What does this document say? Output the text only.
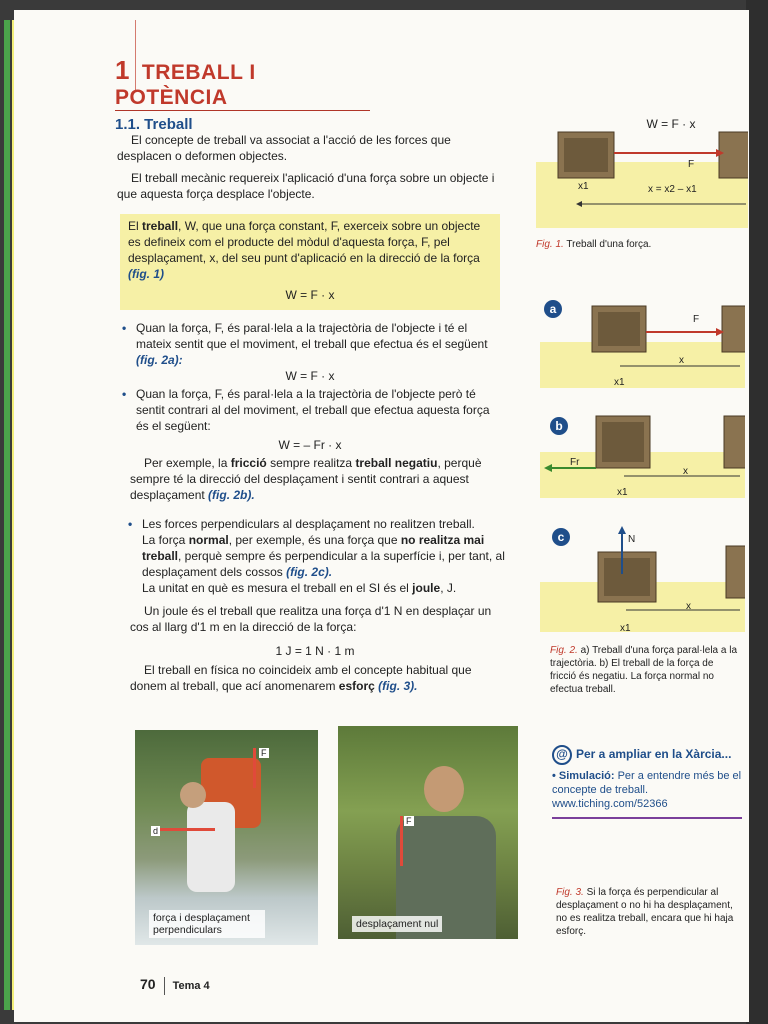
1 TREBALL I POTÈNCIA
1.1. Treball
El concepte de treball va associat a l'acció de les forces que desplacen o deformen objectes.
El treball mecànic requereix l'aplicació d'una força sobre un objecte i que aquesta força desplace l'objecte.
El treball, W, que una força constant, F, exerceix sobre un objecte es defineix com el producte del mòdul d'aquesta força, F, pel desplaçament, x, del seu punt d'aplicació en la direcció de la força (fig. 1)
W = F · x
• Quan la força, F, és paral·lela a la trajectòria de l'objecte i té el mateix sentit que el moviment, el treball que efectua és el següent (fig. 2a):
W = F · x
• Quan la força, F, és paral·lela a la trajectòria de l'objecte però té sentit contrari al del moviment, el treball que efectua aquesta força és el següent:
W = – Fr · x
Per exemple, la fricció sempre realitza treball negatiu, perquè sempre té la direcció del desplaçament i sentit contrari a aquest desplaçament (fig. 2b).
• Les forces perpendiculars al desplaçament no realitzen treball.
La força normal, per exemple, és una força que no realitza mai treball, perquè sempre és perpendicular a la superfície i, per tant, al desplaçament dels cossos (fig. 2c).
La unitat en què es mesura el treball en el SI és el joule, J.
Un joule és el treball que realitza una força d'1 N en desplaçar un cos al llarg d'1 m en la direcció de la força:
1 J = 1 N · 1 m
El treball en física no coincideix amb el concepte habitual que donem al treball, que ací anomenarem esforç (fig. 3).
W = F · x
F
x1	x = x2 – x1
Fig. 1. Treball d'una força.
a
F
x
x1
b
Fr
x
x1
c	N
x
x1
Fig. 2. a) Treball d'una força paral·lela a la trajectòria. b) El treball de la força de fricció és negatiu. La força normal no efectua treball.
@ Per a ampliar en la Xàrcia...
• Simulació: Per a entendre més be el concepte de treball. www.tiching.com/52366
Fig. 3. Si la força és perpendicular al desplaçament o no hi ha desplaçament, no es realitza treball, encara que hi haja esforç.
F
d
força i desplaçament perpendiculars
F
desplaçament nul
70 Tema 4
